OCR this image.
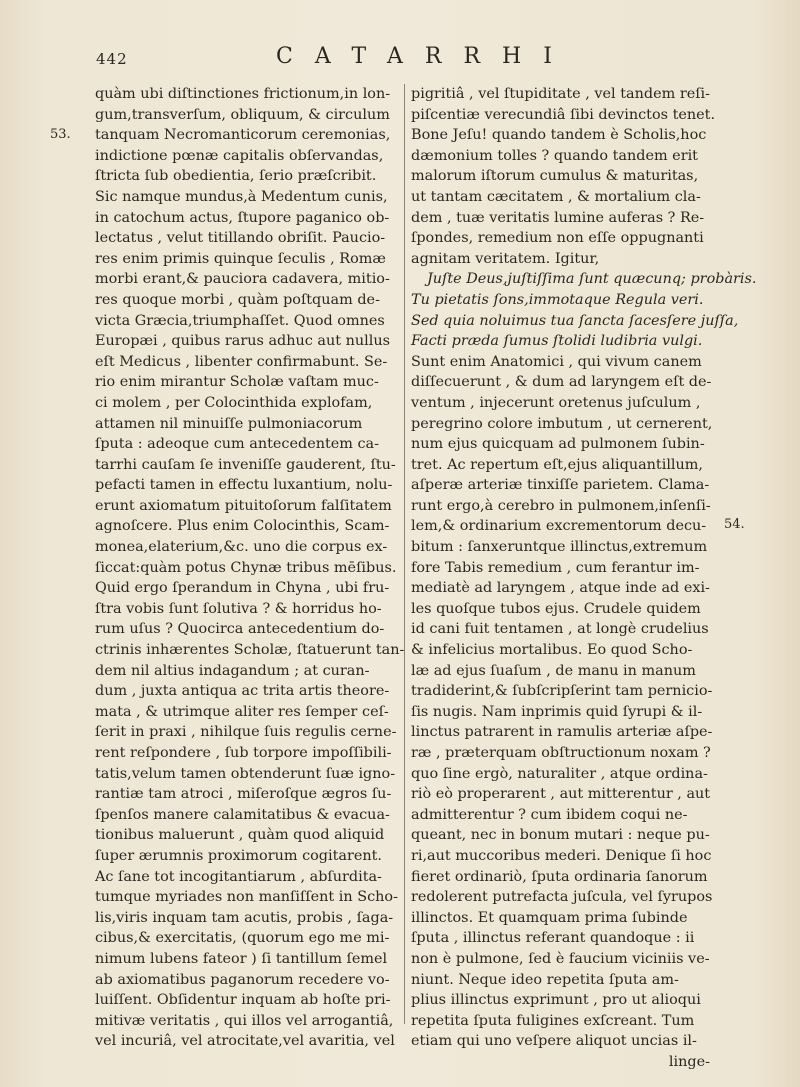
442	CATARRHI
53.
54.
quàm ubi diſtinctiones frictionum,in lon-
gum,transverſum, obliquum, & circulum
tanquam Necromanticorum ceremonias,
indictione pœnæ capitalis obſervandas,
ſtricta ſub obedientia, ſerio præſcribit.
Sic namque mundus,à Medentum cunis,
in catochum actus, ſtupore paganico ob-
lectatus , velut titillando obriſit. Paucio-
res enim primis quinque ſeculis , Romæ
morbi erant,& pauciora cadavera, mitio-
res quoque morbi , quàm poſtquam de-
victa Græcia,triumphaſſet. Quod omnes
Europæi , quibus rarus adhuc aut nullus
eſt Medicus , libenter confirmabunt. Se-
rio enim mirantur Scholæ vaſtam muc-
ci molem , per Colocinthida explofam,
attamen nil minuiſſe pulmoniacorum
ſputa : adeoque cum antecedentem ca-
tarrhi cauſam ſe inveniſſe gauderent, ſtu-
pefacti tamen in effectu luxantium, nolu-
erunt axiomatum pituitoſorum falſitatem
agnoſcere. Plus enim Colocinthis, Scam-
monea,elaterium,&c. uno die corpus ex-
ſiccat:quàm potus Chynæ tribus mēſibus.
Quid ergo ſperandum in Chyna , ubi fru-
ſtra vobis ſunt ſolutiva ? & horridus ho-
rum uſus ? Quocirca antecedentium do-
ctrinis inhærentes Scholæ, ſtatuerunt tan-
dem nil altius indagandum ; at curan-
dum , juxta antiqua ac trita artis theore-
mata , & utrimque aliter res ſemper ceſ-
ſerit in praxi , nihilque ſuis regulis cerne-
rent reſpondere , ſub torpore impoſſibili-
tatis,velum tamen obtenderunt ſuæ igno-
rantiæ tam atroci , miſeroſque ægros ſu-
ſpenſos manere calamitatibus & evacua-
tionibus maluerunt , quàm quod aliquid
ſuper ærumnis proximorum cogitarent.
Ac ſane tot incogitantiarum , abſurdita-
tumque myriades non manſiſſent in Scho-
lis,viris inquam tam acutis, probis , ſaga-
cibus,& exercitatis, (quorum ego me mi-
nimum lubens fateor ) ſi tantillum ſemel
ab axiomatibus paganorum recedere vo-
luiſſent. Obſidentur inquam ab hoſte pri-
mitivæ veritatis , qui illos vel arrogantiâ,
vel incuriâ, vel atrocitate,vel avaritia, vel
pigritiâ , vel ſtupiditate , vel tandem reſi-
piſcentiæ verecundiâ ſibi devinctos tenet.
Bone Jeſu! quando tandem è Scholis,hoc
dæmonium tolles ? quando tandem erit
malorum iſtorum cumulus & maturitas,
ut tantam cæcitatem , & mortalium cla-
dem , tuæ veritatis lumine auferas ? Re-
ſpondes, remedium non eſſe oppugnanti
agnitam veritatem. Igitur,
Juſte Deus,juſtiſſima ſunt quæcunq; probàris.
Tu pietatis ſons,immotaque Regula veri.
Sed quia noluimus tua ſancta ſacesſere juſſa,
Facti præda ſumus ſtolidi ludibria vulgi.
Sunt enim Anatomici , qui vivum canem
diſſecuerunt , & dum ad laryngem eſt de-
ventum , injecerunt oretenus juſculum ,
peregrino colore imbutum , ut cernerent,
num ejus quicquam ad pulmonem ſubin-
tret. Ac repertum eſt,ejus aliquantillum,
aſperæ arteriæ tinxiſſe parietem. Clama-
runt ergo,à cerebro in pulmonem,inſenſi-
lem,& ordinarium excrementorum decu-
bitum : ſanxeruntque illinctus,extremum
fore Tabis remedium , cum ferantur im-
mediatè ad laryngem , atque inde ad exi-
les quoſque tubos ejus. Crudele quidem
id cani fuit tentamen , at longè crudelius
& infelicius mortalibus. Eo quod Scho-
læ ad ejus ſuaſum , de manu in manum
tradiderint,& ſubſcripſerint tam pernicio-
ſis nugis. Nam inprimis quid ſyrupi & il-
linctus patrarent in ramulis arteriæ aſpe-
ræ , præterquam obſtructionum noxam ?
quo ſine ergò, naturaliter , atque ordina-
riò eò properarent , aut mitterentur , aut
admitterentur ? cum ibidem coqui ne-
queant, nec in bonum mutari : neque pu-
ri,aut muccoribus mederi. Denique ſi hoc
fieret ordinariò, ſputa ordinaria ſanorum
redolerent putrefacta juſcula, vel ſyrupos
illinctos. Et quamquam prima ſubinde
ſputa , illinctus referant quandoque : ii
non è pulmone, ſed è faucium viciniis ve-
niunt. Neque ideo repetita ſputa am-
plius illinctus exprimunt , pro ut alioqui
repetita ſputa fuligines exſcreant. Tum
etiam qui uno veſpere aliquot uncias il-
linge-
